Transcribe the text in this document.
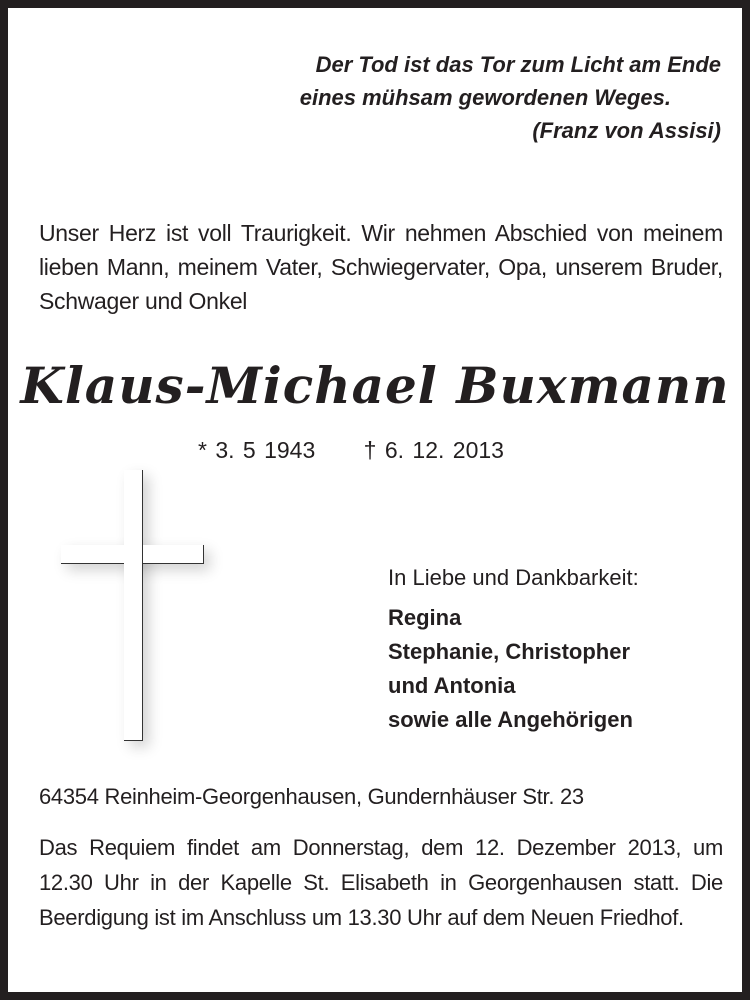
Der Tod ist das Tor zum Licht am Ende
eines mühsam gewordenen Weges.
(Franz von Assisi)
Unser Herz ist voll Traurigkeit. Wir nehmen Abschied von meinem lieben Mann, meinem Vater, Schwiegervater, Opa, unserem Bruder, Schwager und Onkel
Klaus-Michael Buxmann
* 3. 5 1943 † 6. 12. 2013
In Liebe und Dankbarkeit:
Regina
Stephanie, Christopher
und Antonia
sowie alle Angehörigen
64354 Reinheim-Georgenhausen, Gundernhäuser Str. 23
Das Requiem findet am Donnerstag, dem 12. Dezember 2013, um 12.30 Uhr in der Kapelle St. Elisabeth in Georgenhausen statt. Die Beerdigung ist im Anschluss um 13.30 Uhr auf dem Neuen Friedhof.
